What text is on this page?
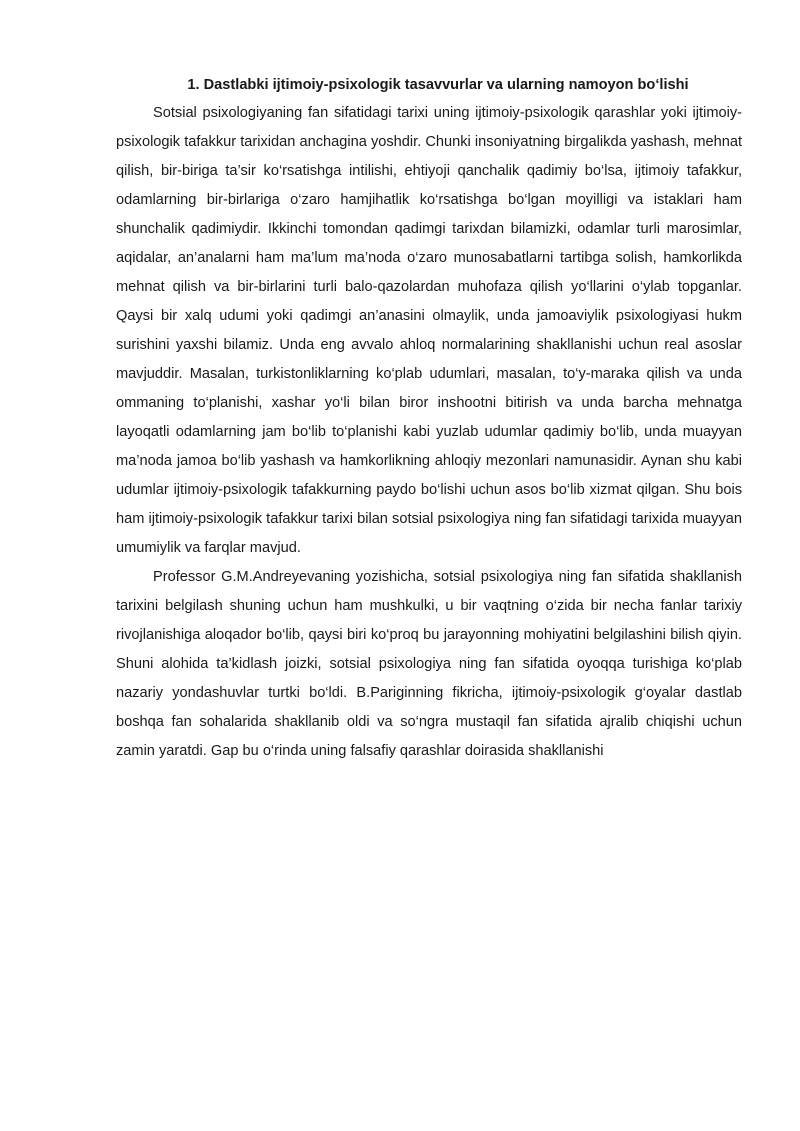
1. Dastlabki ijtimoiy-psixologik tasavvurlar va ularning namoyon bo‘lishi

Sotsial psixologiyaning fan sifatidagi tarixi uning ijtimoiy-psixologik qarashlar yoki ijtimoiy-psixologik tafakkur tarixidan anchagina yoshdir. Chunki insoniyatning birgalikda yashash, mehnat qilish, bir-biriga ta’sir ko‘rsatishga intilishi, ehtiyoji qanchalik qadimiy bo‘lsa, ijtimoiy tafakkur, odamlarning bir-birlariga o‘zaro hamjihatlik ko‘rsatishga bo‘lgan moyilligi va istaklari ham shunchalik qadimiydir. Ikkinchi tomondan qadimgi tarixdan bilamizki, odamlar turli marosimlar, aqidalar, an’analarni ham ma’lum ma’noda o‘zaro munosabatlarni tartibga solish, hamkorlikda mehnat qilish va bir-birlarini turli balo-qazolardan muhofaza qilish yo‘llarini o‘ylab topganlar. Qaysi bir xalq udumi yoki qadimgi an’anasini olmaylik, unda jamoaviylik psixologiyasi hukm surishini yaxshi bilamiz. Unda eng avvalo ahloq normalarining shakllanishi uchun real asoslar mavjuddir. Masalan, turkistonliklarning ko‘plab udumlari, masalan, to‘y-maraka qilish va unda ommaning to‘planishi, xashar yo‘li bilan biror inshootni bitirish va unda barcha mehnatga layoqatli odamlarning jam bo‘lib to‘planishi kabi yuzlab udumlar qadimiy bo‘lib, unda muayyan ma’noda jamoa bo‘lib yashash va hamkorlikning ahloqiy mezonlari namunasidir. Aynan shu kabi udumlar ijtimoiy-psixologik tafakkurning paydo bo‘lishi uchun asos bo‘lib xizmat qilgan. Shu bois ham ijtimoiy-psixologik tafakkur tarixi bilan sotsial psixologiya ning fan sifatidagi tarixida muayyan umumiylik va farqlar mavjud.

Professor G.M.Andreyevaning yozishicha, sotsial psixologiya ning fan sifatida shakllanish tarixini belgilash shuning uchun ham mushkulki, u bir vaqtning o‘zida bir necha fanlar tarixiy rivojlanishiga aloqador bo‘lib, qaysi biri ko‘proq bu jarayonning mohiyatini belgilashini bilish qiyin. Shuni alohida ta’kidlash joizki, sotsial psixologiya ning fan sifatida oyoqqa turishiga ko‘plab nazariy yondashuvlar turtki bo‘ldi. B.Pariginning fikricha, ijtimoiy-psixologik g‘oyalar dastlab boshqa fan sohalarida shakllanib oldi va so‘ngra mustaqil fan sifatida ajralib chiqishi uchun zamin yaratdi. Gap bu o‘rinda uning falsafiy qarashlar doirasida shakllanishi
